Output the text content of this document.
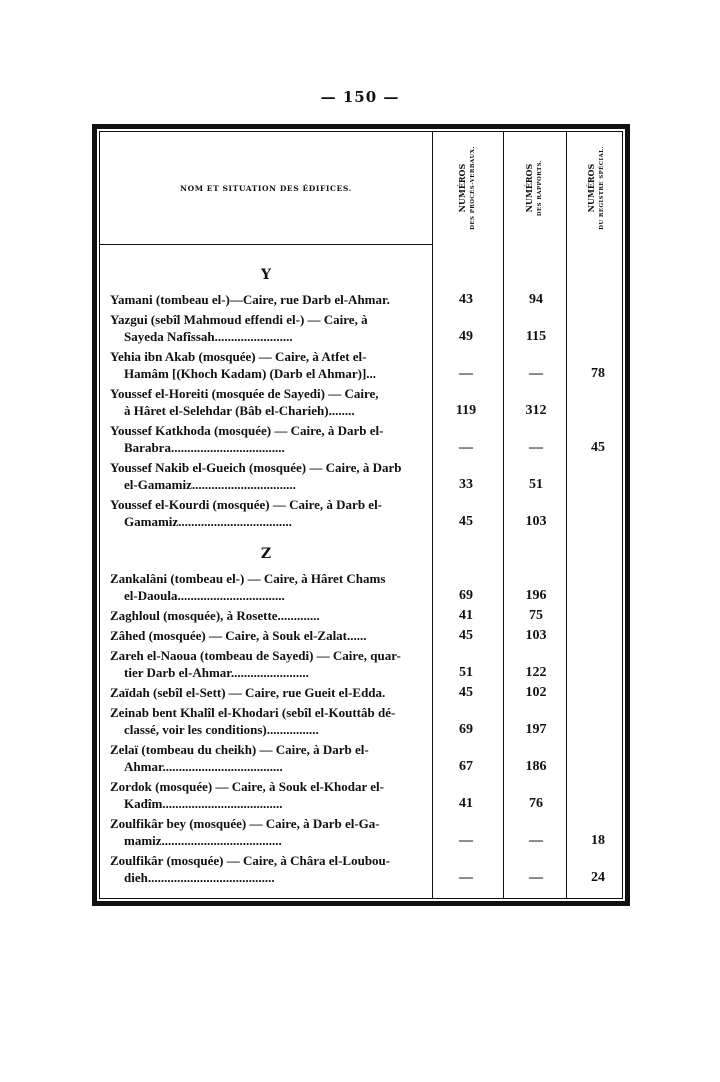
— 150 —
NOM ET SITUATION DES ÉDIFICES.	NUMÉROS DES PROCÈS-VERBAUX.	NUMÉROS DES RAPPORTS.	NUMÉROS DU REGISTRE SPÉCIAL.
Y
Yamani (tombeau el-)—Caire, rue Darb el-Ahmar.	43	94
Yazgui (sebîl Mahmoud effendi el-) — Caire, à
Sayeda Nafîssah........................	49	115
Yehia ibn Akab (mosquée) — Caire, à Atfet el-
Hamâm [(Khoch Kadam) (Darb el Ahmar)]...	—	—	78
Youssef el-Horeiti (mosquée de Sayedi) — Caire,
à Hâret el-Selehdar (Bâb el-Charieh)........	119	312
Youssef Katkhoda (mosquée) — Caire, à Darb el-
Barabra...................................	—	—	45
Youssef Nakib el-Gueich (mosquée) — Caire, à Darb
el-Gamamiz................................	33	51
Youssef el-Kourdi (mosquée) — Caire, à Darb el-
Gamamiz...................................	45	103
Z
Zankalâni (tombeau el-) — Caire, à Hâret Chams
el-Daoula.................................	69	196
Zaghloul (mosquée), à Rosette.............	41	75
Zâhed (mosquée) — Caire, à Souk el-Zalat......	45	103
Zareh el-Naoua (tombeau de Sayedi) — Caire, quar-
tier Darb el-Ahmar........................	51	122
Zaïdah (sebîl el-Sett) — Caire, rue Gueit el-Edda.	45	102
Zeinab bent Khalîl el-Khodari (sebîl el-Kouttâb dé-
classé, voir les conditions)................	69	197
Zelaï (tombeau du cheikh) — Caire, à Darb el-
Ahmar.....................................	67	186
Zordok (mosquée) — Caire, à Souk el-Khodar el-
Kadîm.....................................	41	76
Zoulfikâr bey (mosquée) — Caire, à Darb el-Ga-
mamiz.....................................	—	—	18
Zoulfikâr (mosquée) — Caire, à Châra el-Loubou-
dieh.......................................	—	—	24
